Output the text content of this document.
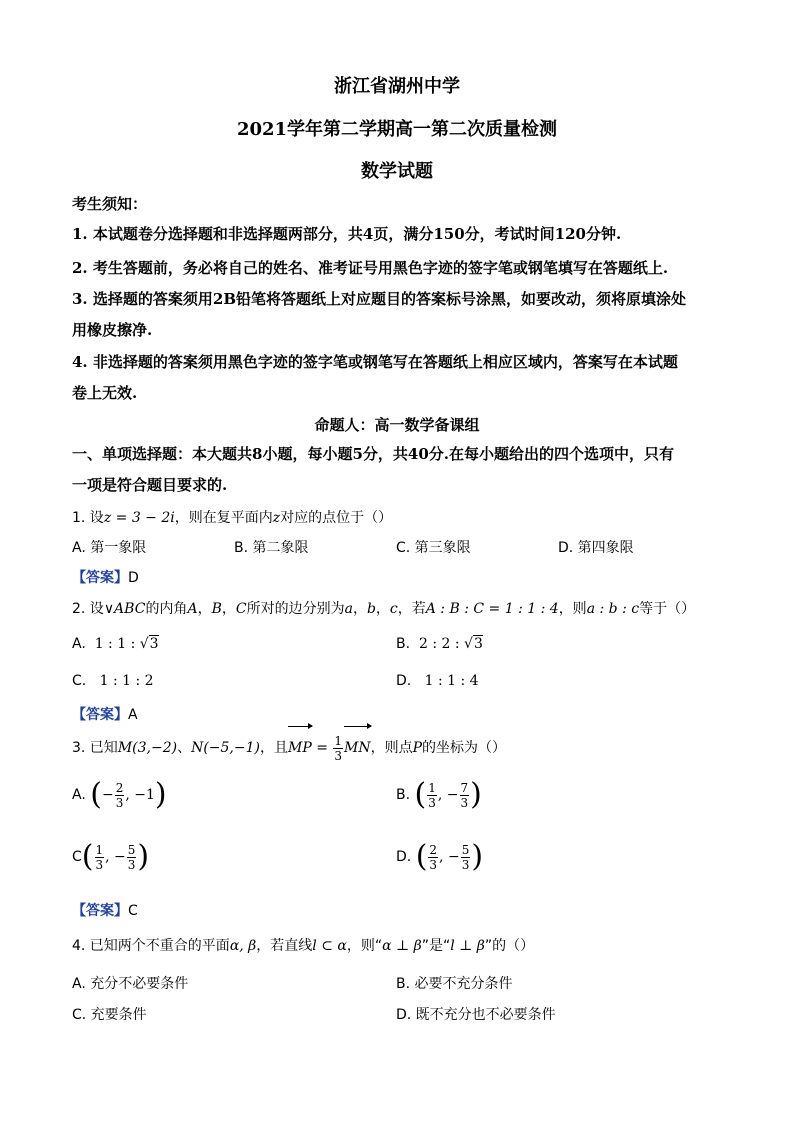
浙江省湖州中学
2021学年第二学期高一第二次质量检测
数学试题
考生须知：
1. 本试题卷分选择题和非选择题两部分，共4页，满分150分，考试时间120分钟.
2. 考生答题前，务必将自己的姓名、准考证号用黑色字迹的签字笔或钢笔填写在答题纸上.
3. 选择题的答案须用2B铅笔将答题纸上对应题目的答案标号涂黑，如要改动，须将原填涂处
用橡皮擦净.
4. 非选择题的答案须用黑色字迹的签字笔或钢笔写在答题纸上相应区域内，答案写在本试题
卷上无效.
命题人：高一数学备课组
一、单项选择题：本大题共8小题，每小题5分，共40分.在每小题给出的四个选项中，只有
一项是符合题目要求的.
1. 设z = 3 − 2i，则在复平面内z对应的点位于（）
A. 第一象限	B. 第二象限	C. 第三象限	D. 第四象限
【答案】D
2. 设∨ABC的内角A，B，C所对的边分别为a，b，c，若A : B : C = 1 : 1 : 4，则a : b : c等于（）
A. 1 : 1 : √3	B. 2 : 2 : √3
C. 1 : 1 : 2	D. 1 : 1 : 4
【答案】A
3. 已知M(3,−2)、N(−5,−1)，且
MP = $\frac{1}{3}$ MN，则点P的坐标为（）
A. (− $\frac{2}{3}$ , −1)	B. ( $\frac{1}{3}$ , − $\frac{7}{3}$ )
$C( \frac{1}{3}$ , − $\frac{5}{3}$ )	D. ( $\frac{2}{3}$ , − $\frac{5}{3}$ )
【答案】C
4. 已知两个不重合的平面α, β，若直线l ⊂ α，则“α ⊥ β”是“l ⊥ β”的（）
A. 充分不必要条件	B. 必要不充分条件
C. 充要条件	D. 既不充分也不必要条件
